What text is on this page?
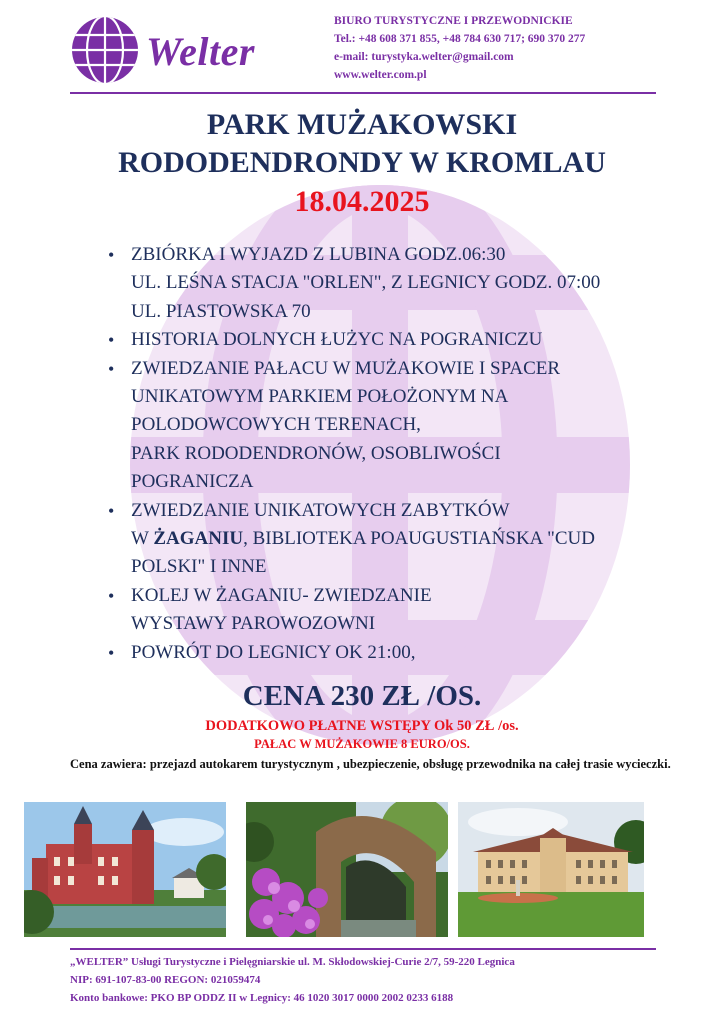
Welter
BIURO TURYSTYCZNE I PRZEWODNICKIE
Tel.: +48 608 371 855, +48 784 630 717; 690 370 277
e-mail: turystyka.welter@gmail.com
www.welter.com.pl
PARK MUŻAKOWSKI
RODODENDRONDY W KROMLAU
18.04.2025
• ZBIÓRKA I WYJAZD Z LUBINA GODZ.06:30
UL. LEŚNA STACJA "ORLEN", Z LEGNICY GODZ. 07:00
UL. PIASTOWSKA 70
• HISTORIA DOLNYCH ŁUŻYC NA POGRANICZU
• ZWIEDZANIE PAŁACU W MUŻAKOWIE I SPACER
UNIKATOWYM PARKIEM POŁOŻONYM NA
POLODOWCOWYCH TERENACH,
PARK RODODENDRONÓW, OSOBLIWOŚCI
POGRANICZA
• ZWIEDZANIE UNIKATOWYCH ZABYTKÓW
W ŻAGANIU, BIBLIOTEKA POAUGUSTIAŃSKA "CUD
POLSKI" I INNE
• KOLEJ W ŻAGANIU- ZWIEDZANIE
WYSTAWY PAROWOZOWNI
• POWRÓT DO LEGNICY OK 21:00,
CENA 230 ZŁ /OS.
DODATKOWO PŁATNE WSTĘPY Ok 50 ZŁ /os.
PAŁAC W MUŻAKOWIE 8 EURO/OS.
Cena zawiera: przejazd autokarem turystycznym , ubezpieczenie, obsługę przewodnika na całej trasie wycieczki.
„WELTER” Usługi Turystyczne i Pielęgniarskie ul. M. Skłodowskiej-Curie 2/7, 59-220 Legnica
NIP: 691-107-83-00 REGON: 021059474
Konto bankowe: PKO BP ODDZ II w Legnicy: 46 1020 3017 0000 2002 0233 6188
